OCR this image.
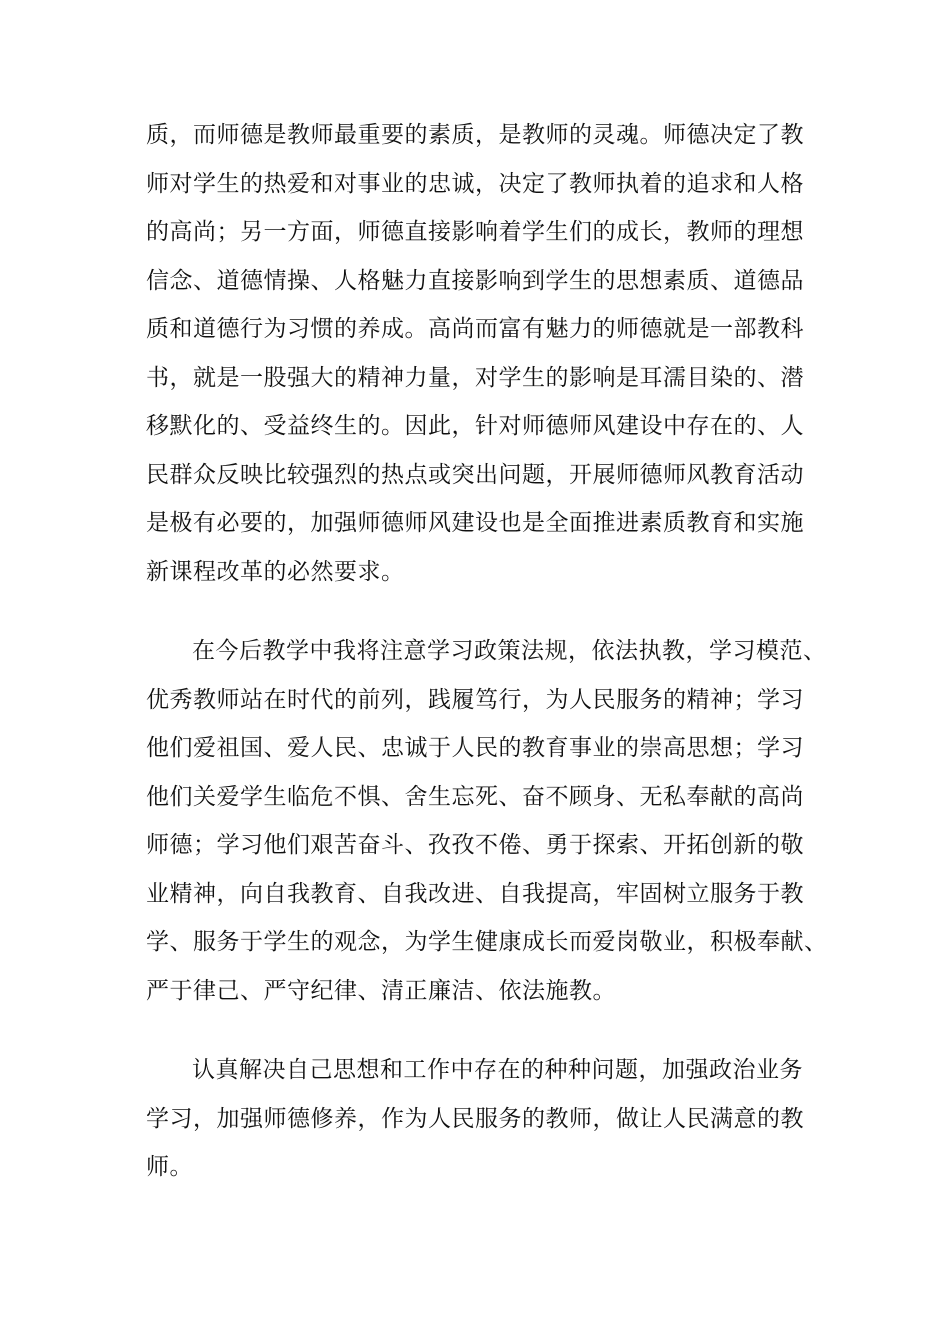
质，而师德是教师最重要的素质，是教师的灵魂。师德决定了教
师对学生的热爱和对事业的忠诚，决定了教师执着的追求和人格
的高尚；另一方面，师德直接影响着学生们的成长，教师的理想
信念、道德情操、人格魅力直接影响到学生的思想素质、道德品
质和道德行为习惯的养成。高尚而富有魅力的师德就是一部教科
书，就是一股强大的精神力量，对学生的影响是耳濡目染的、潜
移默化的、受益终生的。因此，针对师德师风建设中存在的、人
民群众反映比较强烈的热点或突出问题，开展师德师风教育活动
是极有必要的，加强师德师风建设也是全面推进素质教育和实施
新课程改革的必然要求。

在今后教学中我将注意学习政策法规，依法执教，学习模范、
优秀教师站在时代的前列，践履笃行，为人民服务的精神；学习
他们爱祖国、爱人民、忠诚于人民的教育事业的崇高思想；学习
他们关爱学生临危不惧、舍生忘死、奋不顾身、无私奉献的高尚
师德；学习他们艰苦奋斗、孜孜不倦、勇于探索、开拓创新的敬
业精神，向自我教育、自我改进、自我提高，牢固树立服务于教
学、服务于学生的观念，为学生健康成长而爱岗敬业，积极奉献、
严于律己、严守纪律、清正廉洁、依法施教。

认真解决自己思想和工作中存在的种种问题，加强政治业务
学习，加强师德修养，作为人民服务的教师，做让人民满意的教
师。
